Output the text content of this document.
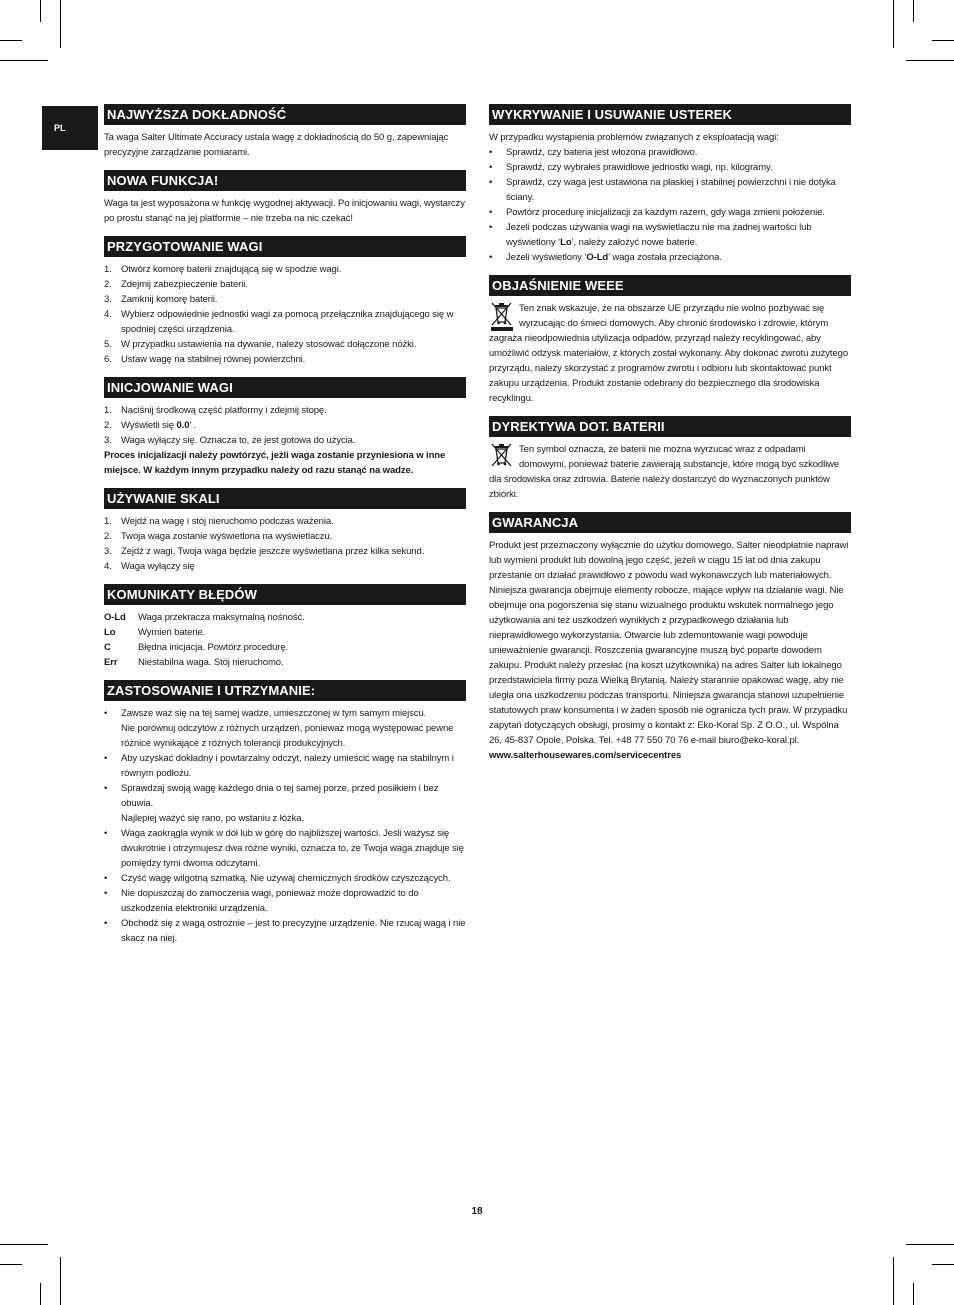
PL
NAJWYŻSZA DOKŁADNOŚĆ

Ta waga Salter Ultimate Accuracy ustala wagę z dokładnością do 50 g, zapewniając precyzyjne zarządzanie pomiarami.

NOWA FUNKCJA!

Waga ta jest wyposażona w funkcję wygodnej aktywacji. Po inicjowaniu wagi, wystarczy po prostu stanąć na jej platformie – nie trzeba na nic czekać!

PRZYGOTOWANIE WAGI
1. Otwórz komorę baterii znajdującą się w spodzie wagi.
2. Zdejmij zabezpieczenie baterii.
3. Zamknij komorę baterii.
4. Wybierz odpowiednie jednostki wagi za pomocą przełącznika znajdującego się w spodniej części urządzenia.
5. W przypadku ustawienia na dywanie, należy stosować dołączone nóżki.
6. Ustaw wagę na stabilnej równej powierzchni.
INICJOWANIE WAGI
1. Naciśnij środkową część platformy i zdejmij stopę.
2. Wyświetli się 0.0’ .
3. Waga wyłączy się. Oznacza to, że jest gotowa do użycia.

Proces inicjalizacji należy powtórzyć, jeżli waga zostanie przyniesiona w inne miejsce. W każdym innym przypadku należy od razu stanąć na wadze.

UŻYWANIE SKALI
1. Wejdź na wagę i stój nieruchomo podczas ważenia.
2. Twoja waga zostanie wyświetlona na wyświetlaczu.
3. Zejdź z wagi. Twoja waga będzie jeszcze wyświetlana przez kilka sekund.
4. Waga wyłączy się
KOMUNIKATY BŁĘDÓW
O-Ld	Waga przekracza maksymalną nośność.
Lo	Wymień baterie.
C	Błędna inicjacja. Powtórz procedurę.
Err	Niestabilna waga. Stój nieruchomo.
ZASTOSOWANIE I UTRZYMANIE:
• Zawsze waż się na tej samej wadze, umieszczonej w tym samym miejscu.
Nie porównuj odczytów z różnych urządzeń, ponieważ mogą występować pewne różnice wynikające z różnych tolerancji produkcyjnych.
• Aby uzyskać dokładny i powtarzalny odczyt, należy umieścić wagę na stabilnym i równym podłożu.
• Sprawdzaj swoją wagę każdego dnia o tej samej porze, przed posiłkiem i bez obuwia.
Najlepiej ważyć się rano, po wstaniu z łóżka.
• Waga zaokrągla wynik w dół lub w górę do najbliższej wartości. Jeśli ważysz się dwukrotnie i otrzymujesz dwa różne wyniki, oznacza to, że Twoja waga znajduje się pomiędzy tymi dwoma odczytami.
• Czyść wagę wilgotną szmatką. Nie używaj chemicznych środków czyszczących.
• Nie dopuszczaj do zamoczenia wagi, ponieważ może doprowadzić to do uszkodzenia elektroniki urządzenia.
• Obchodź się z wagą ostrożnie – jest to precyzyjne urządzenie. Nie rzucaj wagą i nie skacz na niej.
WYKRYWANIE I USUWANIE USTEREK

W przypadku wystąpienia problemów związanych z eksploatacją wagi:

• Sprawdź, czy bateria jest włożona prawidłowo.
• Sprawdź, czy wybrałeś prawidłowe jednostki wagi, np. kilogramy.
• Sprawdź, czy waga jest ustawiona na płaskiej i stabilnej powierzchni i nie dotyka ściany.
• Powtórz procedurę inicjalizacji za każdym razem, gdy waga zmieni położenie.
• Jeżeli podczas używania wagi na wyświetlaczu nie ma żadnej wartości lub wyświetlony ‘Lo’, należy założyć nowe baterie.
• Jeżeli wyświetlony ‘O-Ld’ waga została przeciążona.
OBJAŚNIENIE WEEE

Ten znak wskazuje, że na obszarze UE przyrządu nie wolno pozbywać się wyrzucając do śmieci domowych. Aby chronić środowisko i zdrowie, którym zagraża nieodpowiednia utylizacja odpadów, przyrząd należy recyklingować, aby umożliwić odzysk materiałów, z których został wykonany. Aby dokonać zwrotu zużytego przyrządu, należy skorzystać z programów zwrotu i odbioru lub skontaktować punkt zakupu urządzenia. Produkt zostanie odebrany do bezpiecznego dla środowiska recyklingu.

DYREKTYWA DOT. BATERII

Ten symbol oznacza, że baterii nie można wyrzucać wraz z odpadami domowymi, ponieważ baterie zawierają substancje, które mogą być szkodliwe dla środowiska oraz zdrowia. Baterie należy dostarczyć do wyznaczonych punktów zbiórki.

GWARANCJA

Produkt jest przeznaczony wyłącznie do użytku domowego. Salter nieodpłatnie naprawi lub wymieni produkt lub dowolną jego część, jeżeli w ciągu 15 lat od dnia zakupu przestanie on działać prawidłowo z powodu wad wykonawczych lub materiałowych. Niniejsza gwarancja obejmuje elementy robocze, mające wpływ na działanie wagi. Nie obejmuje ona pogorszenia się stanu wizualnego produktu wskutek normalnego jego użytkowania ani też uszkodzeń wynikłych z przypadkowego działania lub nieprawidłowego wykorzystania. Otwarcie lub zdemontowanie wagi powoduje unieważnienie gwarancji. Roszczenia gwarancyjne muszą być poparte dowodem zakupu. Produkt należy przesłać (na koszt użytkownika) na adres Salter lub lokalnego przedstawiciela firmy poza Wielką Brytanią. Należy starannie opakować wagę, aby nie uległa ona uszkodzeniu podczas transportu. Niniejsza gwarancja stanowi uzupełnienie statutowych praw konsumenta i w żaden sposób nie ogranicza tych praw. W przypadku zapytań dotyczących obsługi, prosimy o kontakt z: Eko-Koral Sp. Z O.O., ul. Wspólna 26, 45-837 Opole, Polska. Tel. +48 77 550 70 76 e-mail biuro@eko-koral.pl.

www.salterhousewares.com/servicecentres

18
